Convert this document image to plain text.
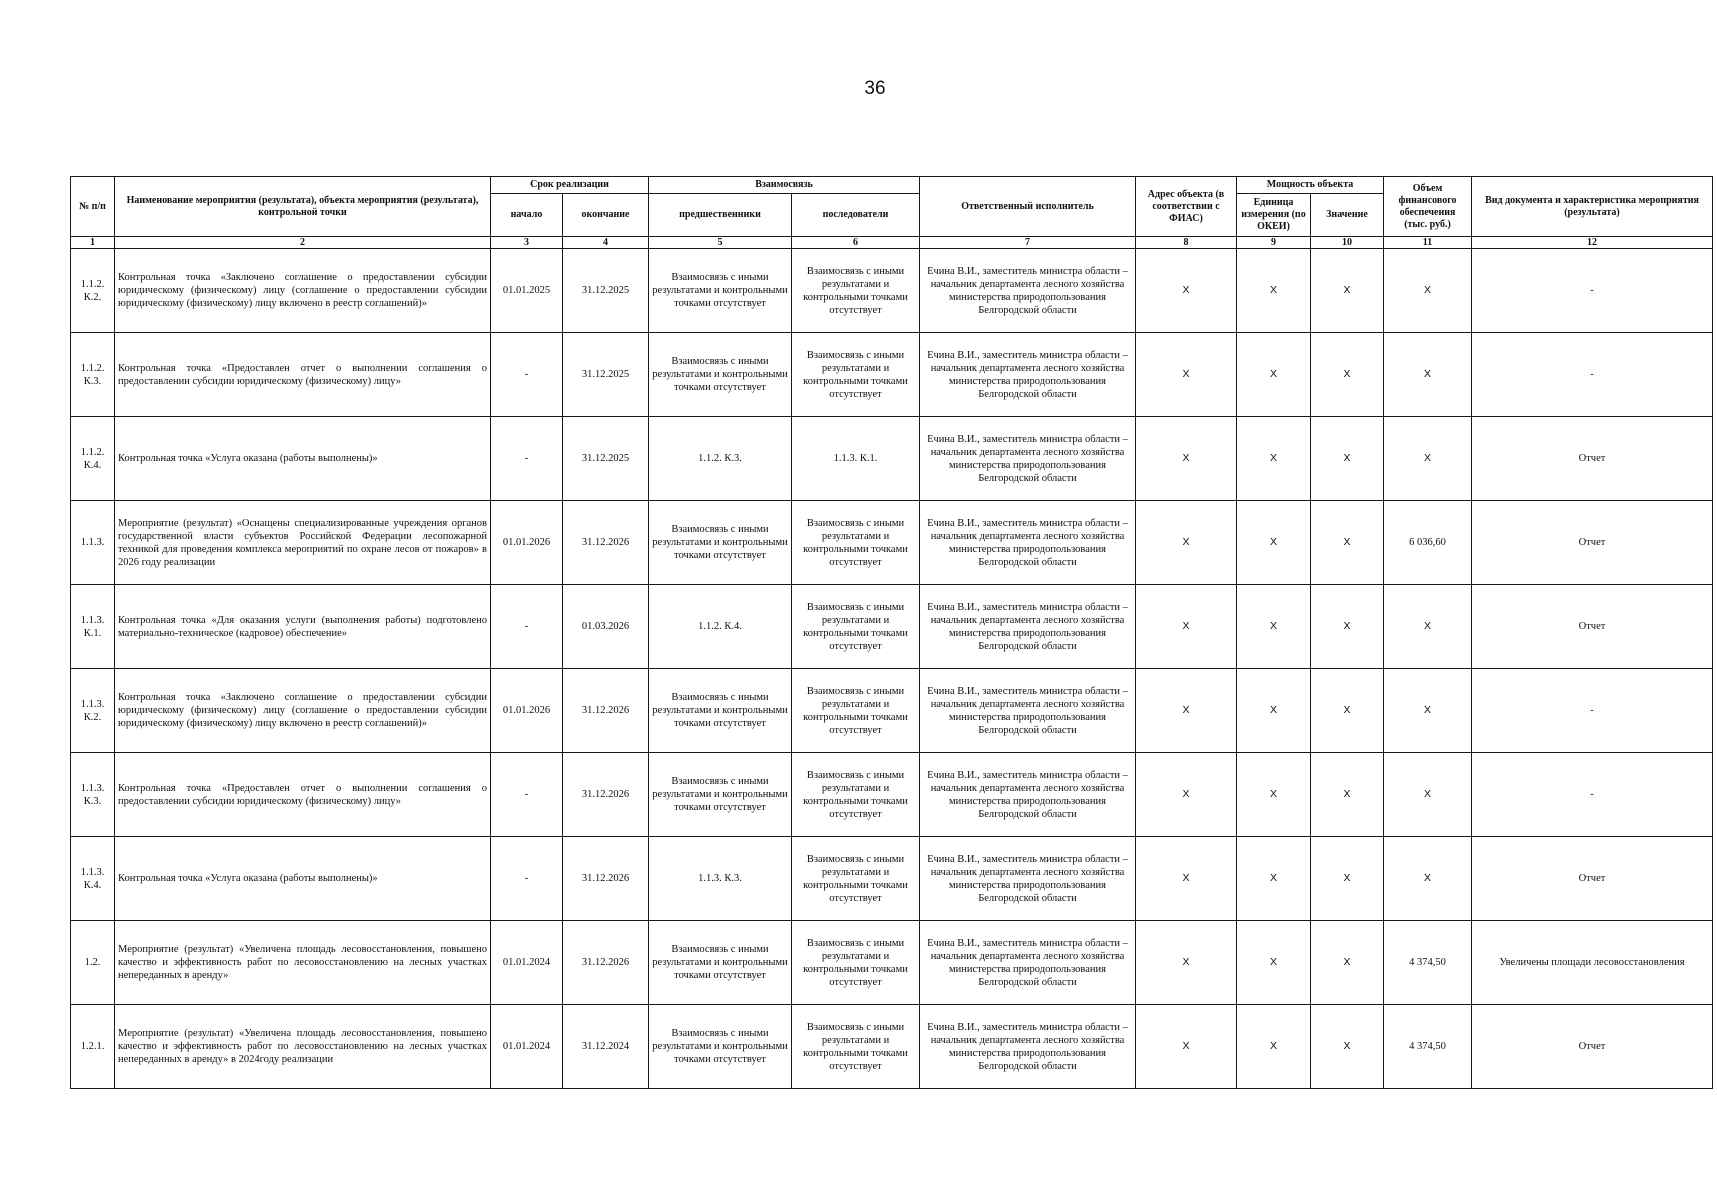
36
№ п/п	Наименование мероприятия (результата), объекта мероприятия (результата), контрольной точки	Срок реализации		Взаимосвязь		Ответственный исполнитель	Адрес объекта (в соответствии с ФИАС)	Мощность объекта		Объем финансового обеспечения (тыс. руб.)	Вид документа и характеристика мероприятия (результата)
		начало	окончание	предшественники	последователи			Единица измерения (по ОКЕИ)	Значение		
1	2	3	4	5	6	7	8	9	10	11	12
1.1.2. К.2.	Контрольная точка «Заключено соглашение о предоставлении субсидии юридическому (физическому) лицу (соглашение о предоставлении субсидии юридическому (физическому) лицу включено в реестр соглашений)»	01.01.2025	31.12.2025	Взаимосвязь с иными результатами и контрольными точками отсутствует	Взаимосвязь с иными результатами и контрольными точками отсутствует	Ечина В.И., заместитель министра области – начальник департамента лесного хозяйства министерства природопользования Белгородской области	X	X	X	X	-
1.1.2. К.3.	Контрольная точка «Предоставлен отчет о выполнении соглашения о предоставлении субсидии юридическому (физическому) лицу»	-	31.12.2025	Взаимосвязь с иными результатами и контрольными точками отсутствует	Взаимосвязь с иными результатами и контрольными точками отсутствует	Ечина В.И., заместитель министра области – начальник департамента лесного хозяйства министерства природопользования Белгородской области	X	X	X	X	-
1.1.2. К.4.	Контрольная точка «Услуга оказана (работы выполнены)»	-	31.12.2025	1.1.2. К.3.	1.1.3. К.1.	Ечина В.И., заместитель министра области – начальник департамента лесного хозяйства министерства природопользования Белгородской области	X	X	X	X	Отчет
1.1.3.	Мероприятие (результат) «Оснащены специализированные учреждения органов государственной власти субъектов Российской Федерации лесопожарной техникой для проведения комплекса мероприятий по охране лесов от пожаров» в 2026 году реализации	01.01.2026	31.12.2026	Взаимосвязь с иными результатами и контрольными точками отсутствует	Взаимосвязь с иными результатами и контрольными точками отсутствует	Ечина В.И., заместитель министра области – начальник департамента лесного хозяйства министерства природопользования Белгородской области	X	X	X	6 036,60	Отчет
1.1.3. К.1.	Контрольная точка «Для оказания услуги (выполнения работы) подготовлено материально-техническое (кадровое) обеспечение»	-	01.03.2026	1.1.2. К.4.	Взаимосвязь с иными результатами и контрольными точками отсутствует	Ечина В.И., заместитель министра области – начальник департамента лесного хозяйства министерства природопользования Белгородской области	X	X	X	X	Отчет
1.1.3. К.2.	Контрольная точка «Заключено соглашение о предоставлении субсидии юридическому (физическому) лицу (соглашение о предоставлении субсидии юридическому (физическому) лицу включено в реестр соглашений)»	01.01.2026	31.12.2026	Взаимосвязь с иными результатами и контрольными точками отсутствует	Взаимосвязь с иными результатами и контрольными точками отсутствует	Ечина В.И., заместитель министра области – начальник департамента лесного хозяйства министерства природопользования Белгородской области	X	X	X	X	-
1.1.3. К.3.	Контрольная точка «Предоставлен отчет о выполнении соглашения о предоставлении субсидии юридическому (физическому) лицу»	-	31.12.2026	Взаимосвязь с иными результатами и контрольными точками отсутствует	Взаимосвязь с иными результатами и контрольными точками отсутствует	Ечина В.И., заместитель министра области – начальник департамента лесного хозяйства министерства природопользования Белгородской области	X	X	X	X	-
1.1.3. К.4.	Контрольная точка «Услуга оказана (работы выполнены)»	-	31.12.2026	1.1.3. К.3.	Взаимосвязь с иными результатами и контрольными точками отсутствует	Ечина В.И., заместитель министра области – начальник департамента лесного хозяйства министерства природопользования Белгородской области	X	X	X	X	Отчет
1.2.	Мероприятие (результат) «Увеличена площадь лесовосстановления, повышено качество и эффективность работ по лесовосстановлению на лесных участках непереданных в аренду»	01.01.2024	31.12.2026	Взаимосвязь с иными результатами и контрольными точками отсутствует	Взаимосвязь с иными результатами и контрольными точками отсутствует	Ечина В.И., заместитель министра области – начальник департамента лесного хозяйства министерства природопользования Белгородской области	X	X	X	4 374,50	Увеличены площади лесовосстановления
1.2.1.	Мероприятие (результат) «Увеличена площадь лесовосстановления, повышено качество и эффективность работ по лесовосстановлению на лесных участках непереданных в аренду» в 2024году реализации	01.01.2024	31.12.2024	Взаимосвязь с иными результатами и контрольными точками отсутствует	Взаимосвязь с иными результатами и контрольными точками отсутствует	Ечина В.И., заместитель министра области – начальник департамента лесного хозяйства министерства природопользования Белгородской области	X	X	X	4 374,50	Отчет
